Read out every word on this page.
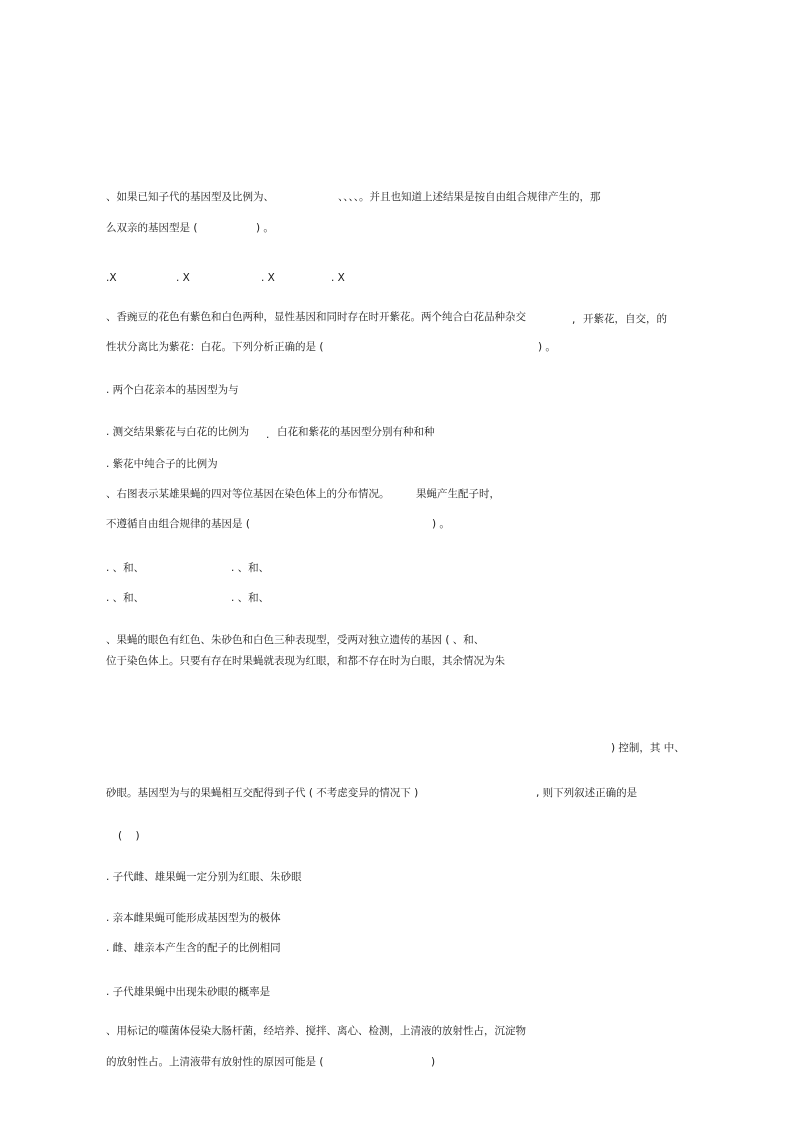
、如果已知子代的基因型及比例为、	、、、、。并且也知道上述结果是按自由组合规律产生的，那
么双亲的基因型是 (	) 。
.X	. X	. X	. X
、香豌豆的花色有紫色和白色两种，显性基因和同时存在时开紫花。两个纯合白花品种杂交	, 开紫花，自交，的
性状分离比为紫花：白花。下列分析正确的是 (	) 。
. 两个白花亲本的基因型为与
. 测交结果紫花与白花的比例为 . 白花和紫花的基因型分别有种和种
. 紫花中纯合子的比例为
、右图表示某雄果蝇的四对等位基因在染色体上的分布情况。	果蝇产生配子时，
不遵循自由组合规律的基因是 (	) 。
. 、和、	. 、和、
. 、和、	. 、和、
、果蝇的眼色有红色、朱砂色和白色三种表现型，受两对独立遗传的基因 ( 、和、
位于染色体上。只要有存在时果蝇就表现为红眼，和都不存在时为白眼，其余情况为朱
) 控制，其 中、
砂眼。基因型为与的果蝇相互交配得到子代 ( 不考虑变异的情况下 )	, 则下列叙述正确的是
(    )
. 子代雌、雄果蝇一定分别为红眼、朱砂眼
. 亲本雌果蝇可能形成基因型为的极体
. 雌、雄亲本产生含的配子的比例相同
. 子代雄果蝇中出现朱砂眼的概率是
、用标记的噬菌体侵染大肠杆菌，经培养、搅拌、离心、检测，上清液的放射性占，沉淀物
的放射性占。上清液带有放射性的原因可能是 (	)
